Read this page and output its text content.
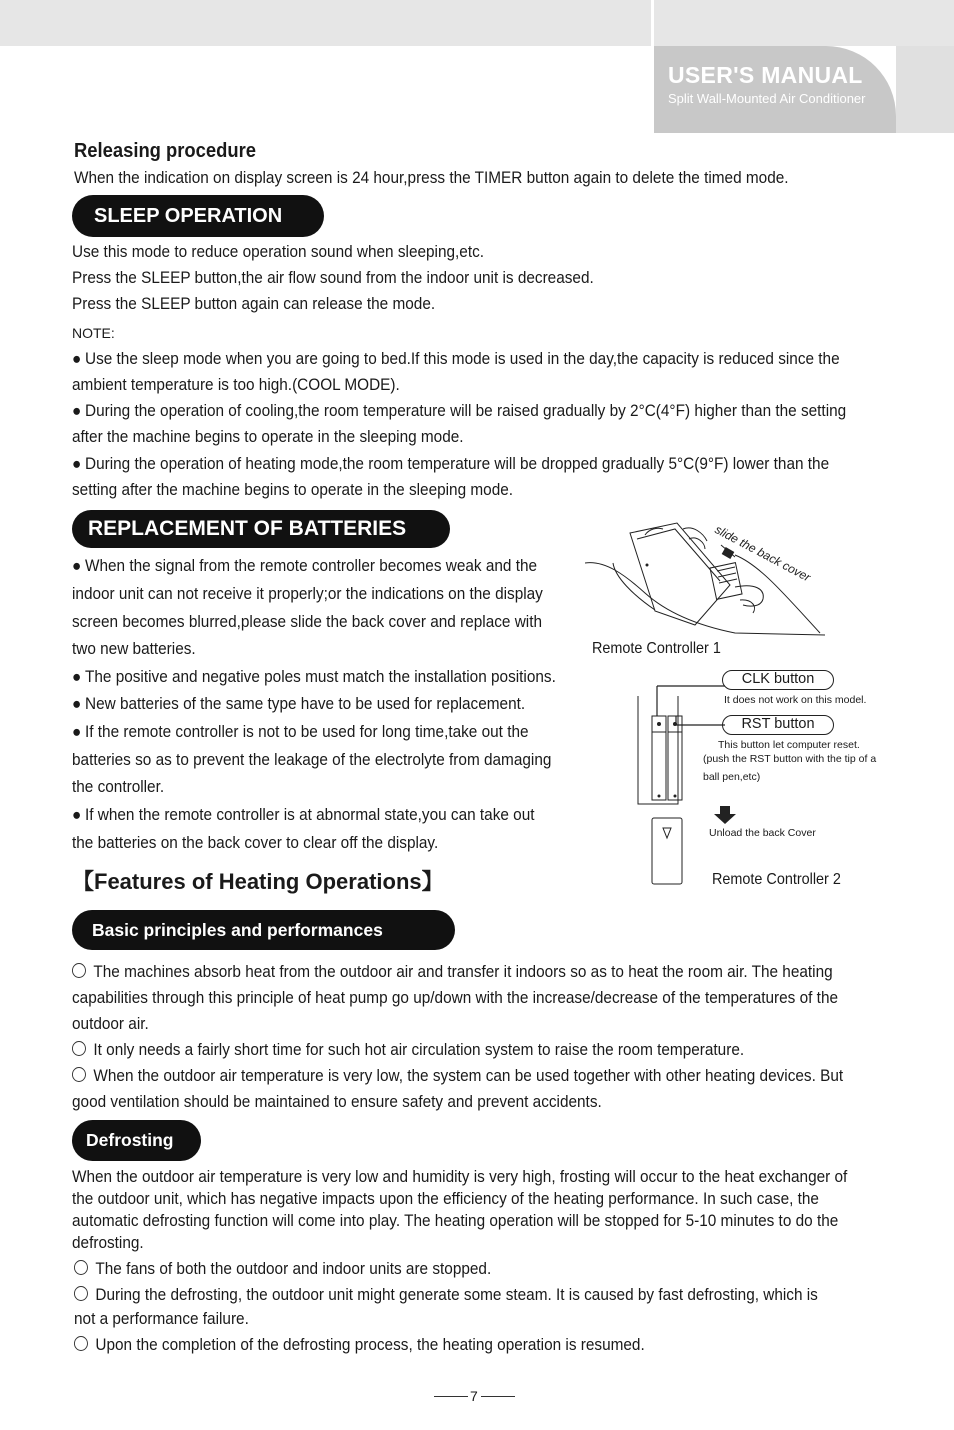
USER'S MANUAL
Split Wall-Mounted Air Conditioner
Releasing procedure
When the indication on display screen is 24 hour,press the TIMER button again to delete the timed mode.
SLEEP OPERATION
Use this mode to reduce operation sound when sleeping,etc.
Press the SLEEP button,the air flow sound from the indoor unit is decreased.
Press the SLEEP button again can release the mode.
NOTE:
● Use the sleep mode when you are going to bed.If this mode is used in the day,the capacity is reduced since the
ambient temperature is too high.(COOL MODE).
● During the operation of cooling,the room temperature will be raised gradually by 2°C(4°F) higher than the setting
after the machine begins to operate in the sleeping mode.
● During the operation of heating mode,the room temperature will be dropped gradually 5°C(9°F) lower than the
setting after the machine begins to operate in the sleeping mode.
REPLACEMENT OF BATTERIES
● When the signal from the remote controller becomes weak and the
indoor unit can not receive it properly;or the indications on the display
screen becomes blurred,please slide the back cover and replace with
two new batteries.
● The positive and negative poles must match the installation positions.
● New batteries of the same type have to be used for replacement.
● If the remote controller is not to be used for long time,take out the
batteries so as to prevent the leakage of the electrolyte from damaging
the controller.
● If when the remote controller is at abnormal state,you can take out
the batteries on the back cover to clear off the display.
slide the back cover
Remote Controller 1
CLK button
It does not work on this model.
RST button
This button let computer reset.
(push the RST button with the tip of a
ball pen,etc)
Unload the back Cover
Remote Controller 2
【Features of Heating Operations】
Basic principles and performances
The machines absorb heat from the outdoor air and transfer it indoors so as to heat the room air. The heating
capabilities through this principle of heat pump go up/down with the increase/decrease of the temperatures of the
outdoor air.
It only needs a fairly short time for such hot air circulation system to raise the room temperature.
When the outdoor air temperature is very low, the system can be used together with other heating devices. But
good ventilation should be maintained to ensure safety and prevent accidents.
Defrosting
When the outdoor air temperature is very low and humidity is very high, frosting will occur to the heat exchanger of
the outdoor unit, which has negative impacts upon the efficiency of the heating performance. In such case, the
automatic defrosting function will come into play. The heating operation will be stopped for 5-10 minutes to do the
defrosting.
The fans of both the outdoor and indoor units are stopped.
During the defrosting, the outdoor unit might generate some steam. It is caused by fast defrosting, which is
not a performance failure.
Upon the completion of the defrosting process, the heating operation is resumed.
7
